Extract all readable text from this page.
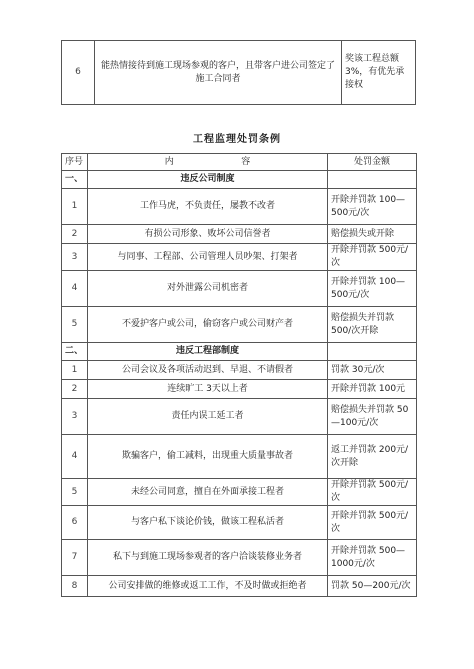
6	能热情接待到施工现场参观的客户，且带客户进公司签定了施工合同者	奖该工程总额3%，有优先承接权
工程监理处罚条例
序号	内 容	处罚金额
一、	违反公司制度	
1	工作马虎，不负责任，屡教不改者	开除并罚款 100—500元/次
2	有损公司形象、败坏公司信誉者	赔偿损失或开除
3	与同事、工程部、公司管理人员吵架、打架者	开除并罚款 500元/次
4	对外泄露公司机密者	开除并罚款 100—500元/次
5	不爱护客户或公司，偷窃客户或公司财产者	赔偿损失并罚款 500/次开除
二、	违反工程部制度	
1	公司会议及各项活动迟到、早退、不请假者	罚款 30元/次
2	连续旷工 3天以上者	开除并罚款 100元
3	责任内误工延工者	赔偿损失并罚款 50—100元/次
4	欺骗客户，偷工减料，出现重大质量事故者	返工并罚款 200元/次开除
5	未经公司同意，擅自在外面承接工程者	开除并罚款 500元/次
6	与客户私下谈论价钱，做该工程私活者	开除并罚款 500元/次
7	私下与到施工现场参观者的客户洽谈装修业务者	开除并罚款 500—1000元/次
8	公司安排做的维修或返工工作，不及时做或拒绝者	罚款 50—200元/次
